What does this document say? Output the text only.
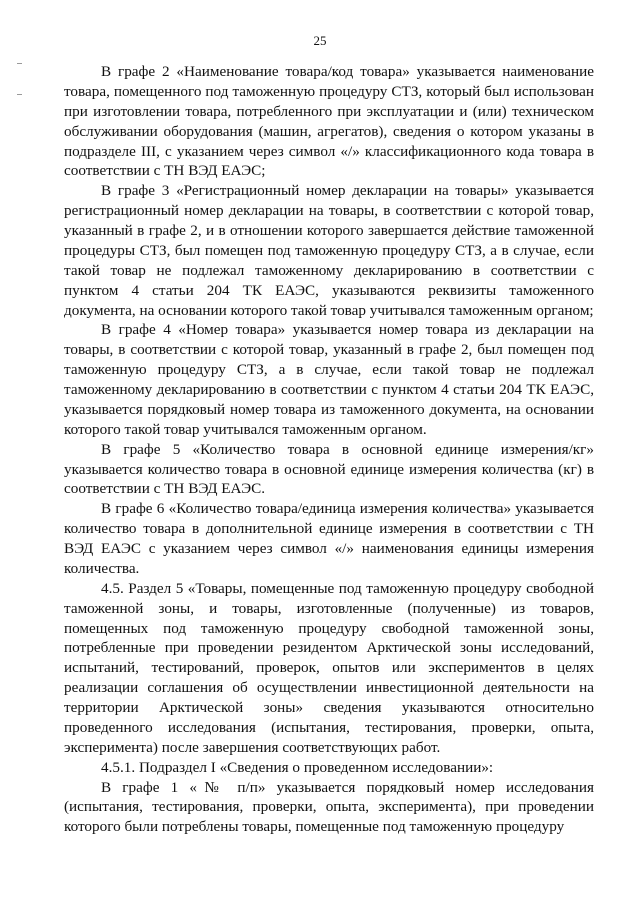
25

В графе 2 «Наименование товара/код товара» указывается наименование товара, помещенного под таможенную процедуру СТЗ, который был использован при изготовлении товара, потребленного при эксплуатации и (или) техническом обслуживании оборудования (машин, агрегатов), сведения о котором указаны в подразделе III, с указанием через символ «/» классификационного кода товара в соответствии с ТН ВЭД ЕАЭС;

В графе 3 «Регистрационный номер декларации на товары» указывается регистрационный номер декларации на товары, в соответствии с которой товар, указанный в графе 2, и в отношении которого завершается действие таможенной процедуры СТЗ, был помещен под таможенную процедуру СТЗ, а в случае, если такой товар не подлежал таможенному декларированию в соответствии с пунктом 4 статьи 204 ТК ЕАЭС, указываются реквизиты таможенного документа, на основании которого такой товар учитывался таможенным органом;

В графе 4 «Номер товара» указывается номер товара из декларации на товары, в соответствии с которой товар, указанный в графе 2, был помещен под таможенную процедуру СТЗ, а в случае, если такой товар не подлежал таможенному декларированию в соответствии с пунктом 4 статьи 204 ТК ЕАЭС, указывается порядковый номер товара из таможенного документа, на основании которого такой товар учитывался таможенным органом.

В графе 5 «Количество товара в основной единице измерения/кг» указывается количество товара в основной единице измерения количества (кг) в соответствии с ТН ВЭД ЕАЭС.

В графе 6 «Количество товара/единица измерения количества» указывается количество товара в дополнительной единице измерения в соответствии с ТН ВЭД ЕАЭС с указанием через символ «/» наименования единицы измерения количества.

4.5. Раздел 5 «Товары, помещенные под таможенную процедуру свободной таможенной зоны, и товары, изготовленные (полученные) из товаров, помещенных под таможенную процедуру свободной таможенной зоны, потребленные при проведении резидентом Арктической зоны исследований, испытаний, тестирований, проверок, опытов или экспериментов в целях реализации соглашения об осуществлении инвестиционной деятельности на территории Арктической зоны» сведения указываются относительно проведенного исследования (испытания, тестирования, проверки, опыта, эксперимента) после завершения соответствующих работ.

4.5.1. Подраздел I «Сведения о проведенном исследовании»:

В графе 1 «№ п/п» указывается порядковый номер исследования (испытания, тестирования, проверки, опыта, эксперимента), при проведении которого были потреблены товары, помещенные под таможенную процедуру
